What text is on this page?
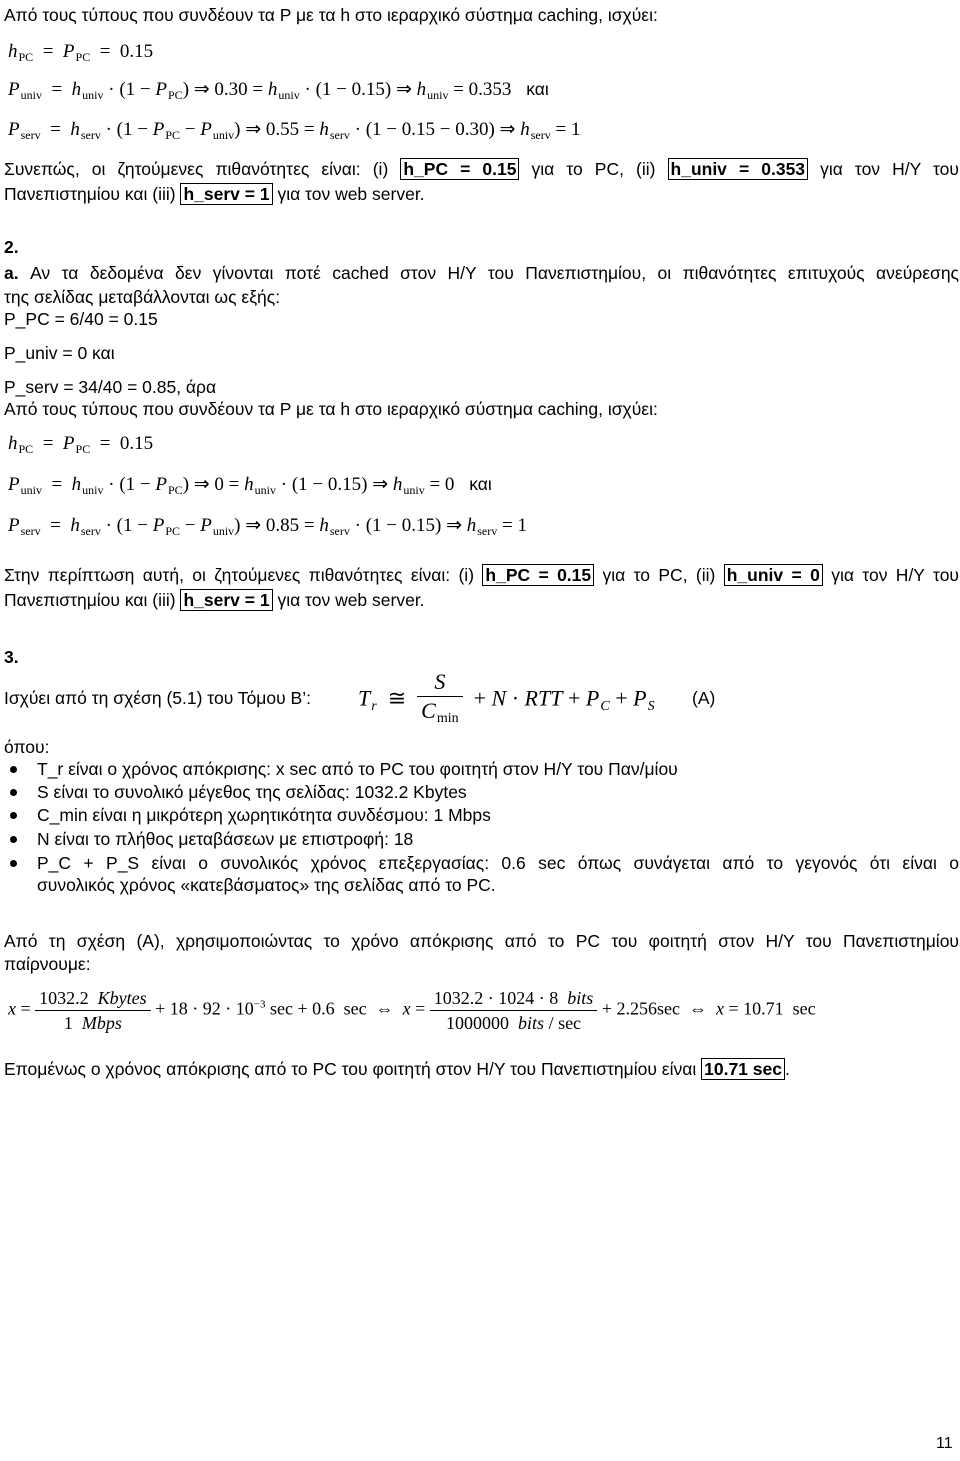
Από τους τύπους που συνδέουν τα P με τα h στο ιεραρχικό σύστημα caching, ισχύει:
$h_{PC} = P_{PC} = 0.15$
$P_{univ} = h_{univ} \cdot (1 - P_{PC})$ ⇒ $0.30 = h_{univ} \cdot (1 - 0.15)$ ⇒ $h_{univ} = 0.353$ και
$P_{serv} = h_{serv} \cdot (1 - P_{PC} - P_{univ})$ ⇒ $0.55 = h_{serv} \cdot (1 - 0.15 - 0.30)$ ⇒ $h_{serv} = 1$
Συνεπώς, οι ζητούμενες πιθανότητες είναι: (i) h_PC = 0.15 για το PC, (ii) h_univ = 0.353 για τον Η/Υ του
Πανεπιστημίου και (iii) h_serv = 1 για τον web server.
2.
a. Αν τα δεδομένα δεν γίνονται ποτέ cached στον Η/Υ του Πανεπιστημίου, οι πιθανότητες επιτυχούς ανεύρεσης
της σελίδας μεταβάλλονται ως εξής:
P_PC = 6/40 = 0.15
P_univ = 0 και
P_serv = 34/40 = 0.85, άρα
Από τους τύπους που συνδέουν τα P με τα h στο ιεραρχικό σύστημα caching, ισχύει:
$h_{PC} = P_{PC} = 0.15$
$P_{univ} = h_{univ} \cdot (1 - P_{PC})$ ⇒ $0 = h_{univ} \cdot (1 - 0.15)$ ⇒ $h_{univ} = 0$ και
$P_{serv} = h_{serv} \cdot (1 - P_{PC} - P_{univ})$ ⇒ $0.85 = h_{serv} \cdot (1 - 0.15)$ ⇒ $h_{serv} = 1$
Στην περίπτωση αυτή, οι ζητούμενες πιθανότητες είναι: (i) h_PC = 0.15 για το PC, (ii) h_univ = 0 για τον Η/Υ του
Πανεπιστημίου και (iii) h_serv = 1 για τον web server.
3.
Ισχύει από τη σχέση (5.1) του Τόμου Β’: $T_r$  ≅ $\frac{S}{C_{min}} + N$ · RTT + $P_C + P_S$ (Α)
όπου:
T_r είναι ο χρόνος απόκρισης: x sec από το PC του φοιτητή στον Η/Υ του Παν/μίου
S είναι το συνολικό μέγεθος της σελίδας: 1032.2 Kbytes
C_min είναι η μικρότερη χωρητικότητα συνδέσμου: 1 Mbps
N είναι το πλήθος μεταβάσεων με επιστροφή: 18
P_C + P_S είναι ο συνολικός χρόνος επεξεργασίας: 0.6 sec όπως συνάγεται από το γεγονός ότι είναι ο
συνολικός χρόνος «κατεβάσματος» της σελίδας από το PC.
Από τη σχέση (Α), χρησιμοποιώντας το χρόνο απόκρισης από το PC του φοιτητή στον Η/Υ του Πανεπιστημίου
παίρνουμε:
$x = \frac{\text{1032.2  Kbytes}}{\text{1  Mbps}} + 18 \cdot 92 \cdot 10^{-3}$ sec + 0.6  sec  ⇔  $x = \frac{\text{1032.2 · 1024 · 8  bits}}{\text{1000000  bits / sec}} + 2.256\sec$  ⇔  x = 10.71  sec
Επομένως ο χρόνος απόκρισης από το PC του φοιτητή στον Η/Υ του Πανεπιστημίου είναι 10.71 sec .
11
